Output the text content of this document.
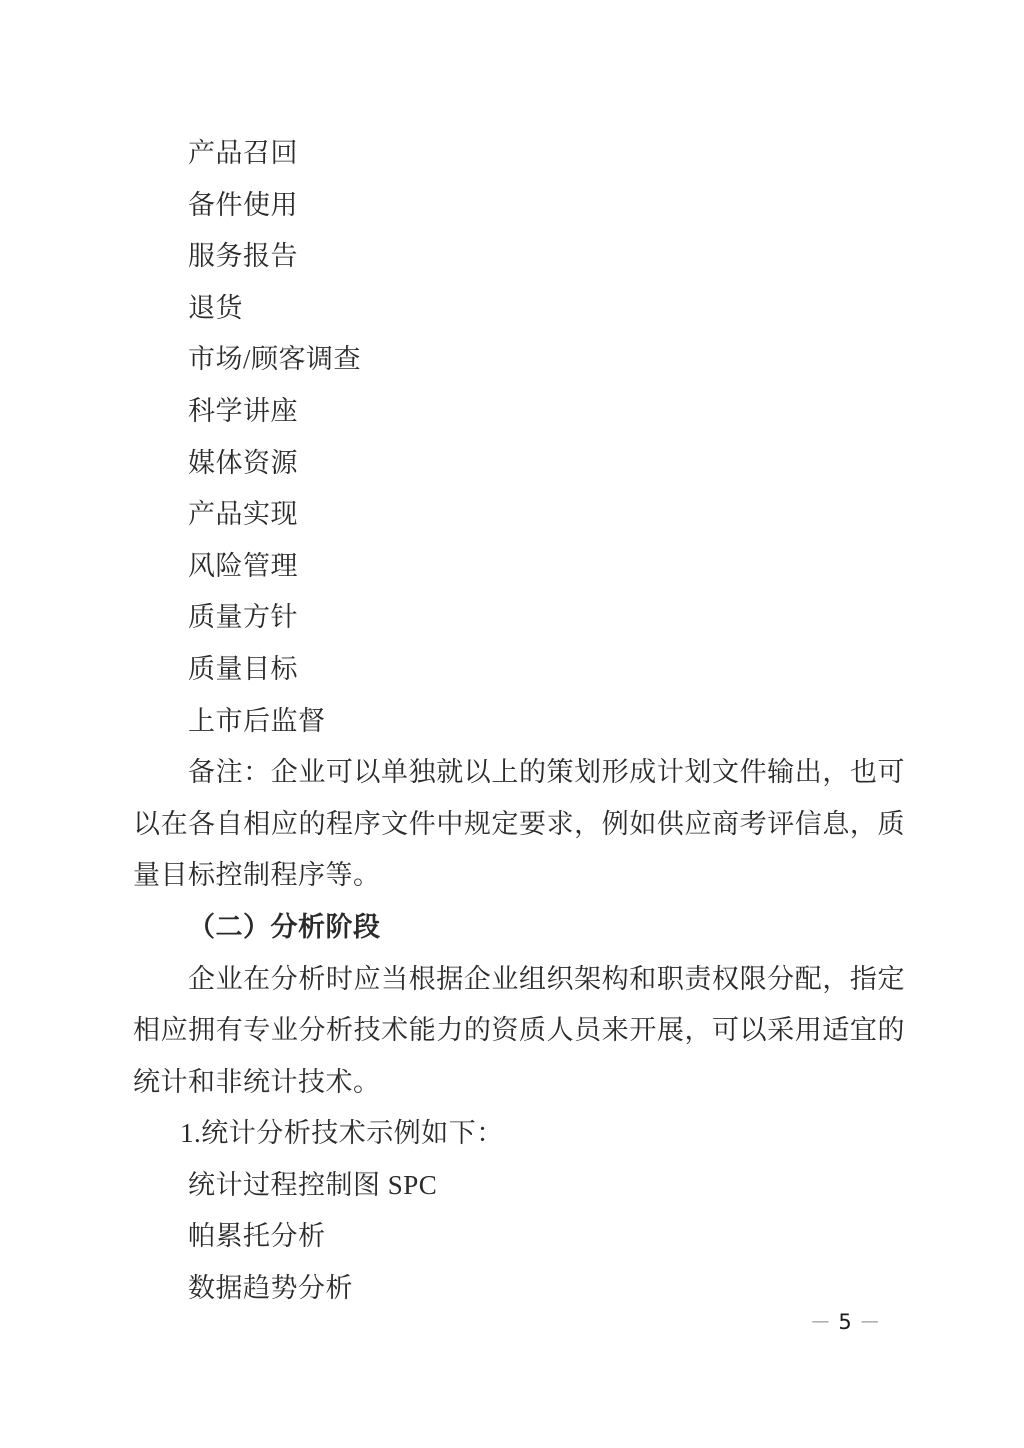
产品召回
备件使用
服务报告
退货
市场/顾客调查
科学讲座
媒体资源
产品实现
风险管理
质量方针
质量目标
上市后监督

备注：企业可以单独就以上的策划形成计划文件输出，也可以在各自相应的程序文件中规定要求，例如供应商考评信息，质量目标控制程序等。

（二）分析阶段

企业在分析时应当根据企业组织架构和职责权限分配，指定相应拥有专业分析技术能力的资质人员来开展，可以采用适宜的统计和非统计技术。

1.统计分析技术示例如下：
统计过程控制图 SPC
帕累托分析
数据趋势分析
— 5 —
